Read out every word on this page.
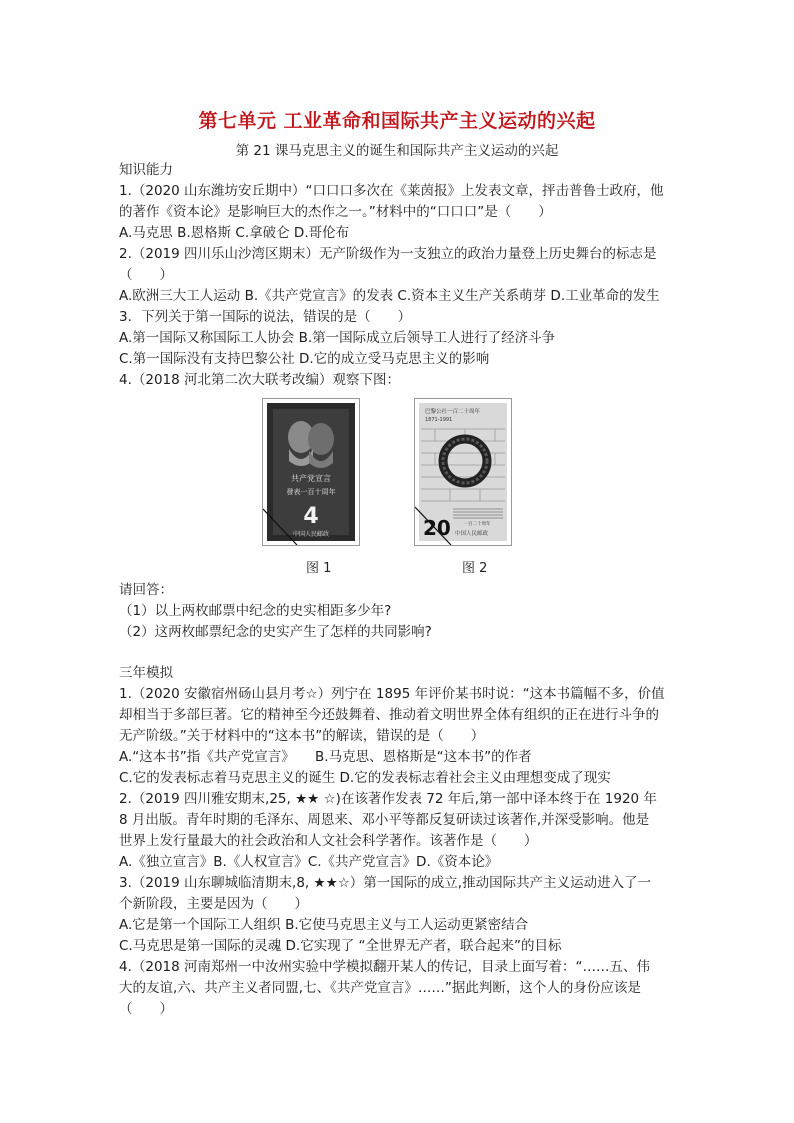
第七单元 工业革命和国际共产主义运动的兴起
第 21 课马克思主义的诞生和国际共产主义运动的兴起
知识能力
1.（2020 山东潍坊安丘期中）“口口口多次在《莱茵报》上发表文章，抨击普鲁士政府，他
的著作《资本论》是影响巨大的杰作之一。”材料中的“口口口”是（　　）
A.马克思 B.恩格斯 C.拿破仑 D.哥伦布
2.（2019 四川乐山沙湾区期末）无产阶级作为一支独立的政治力量登上历史舞台的标志是
（　　）
A.欧洲三大工人运动 B.《共产党宣言》的发表 C.资本主义生产关系萌芽 D.工业革命的发生
3．下列关于第一国际的说法，错误的是（　　）
A.第一国际又称国际工人协会 B.第一国际成立后领导工人进行了经济斗争
C.第一国际没有支持巴黎公社 D.它的成立受马克思主义的影响
4.（2018 河北第二次大联考改编）观察下图：
共产党宣言
發表一百十周年
4
中国人民邮政
巴黎公社一百二十周年
1871-1991
一百二十周年
20 中国人民邮政
图 1	图 2
请回答：
（1）以上两枚邮票中纪念的史实相距多少年?
（2）这两枚邮票纪念的史实产生了怎样的共同影响?
三年模拟
1.（2020 安徽宿州砀山县月考☆）列宁在 1895 年评价某书时说：“这本书篇幅不多，价值
却相当于多部巨著。它的精神至今还鼓舞着、推动着文明世界全体有组织的正在进行斗争的
无产阶级。”关于材料中的“这本书”的解读，错误的是（　　）
A.“这本书”指《共产党宣言》　　B.马克思、恩格斯是“这本书”的作者
C.它的发表标志着马克思主义的诞生 D.它的发表标志着社会主义由理想变成了现实
2.（2019 四川雅安期末,25, ★★ ☆)在该著作发表 72 年后,第一部中译本终于在 1920 年
8 月出版。青年时期的毛泽东、周恩来、邓小平等都反复研读过该著作,并深受影响。他是
世界上发行量最大的社会政治和人文社会科学著作。该著作是（　　）
A.《独立宣言》B.《人权宣言》C.《共产党宣言》D.《资本论》
3.（2019 山东聊城临清期末,8, ★★☆）第一国际的成立,推动国际共产主义运动进入了一
个新阶段，主要是因为（　　）
A.它是第一个国际工人组织 B.它使马克思主义与工人运动更紧密结合
C.马克思是第一国际的灵魂 D.它实现了 “全世界无产者，联合起来”的目标
4.（2018 河南郑州一中汝州实验中学模拟翻开某人的传记，目录上面写着：“……五、伟
大的友谊,六、共产主义者同盟,七、《共产党宣言》……”据此判断，这个人的身份应该是
（　　）
